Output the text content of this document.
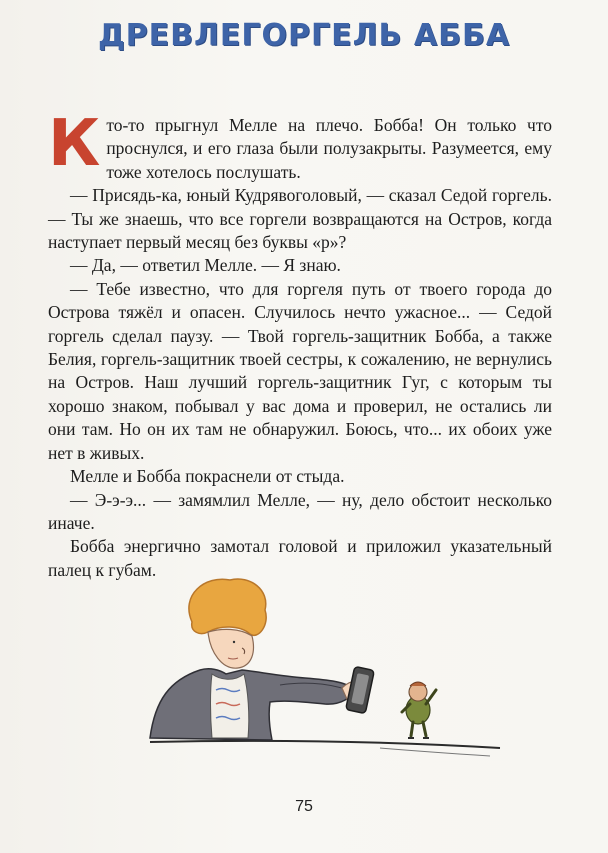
ДРЕВЛЕГОРГЕЛЬ АББА

Кто-то прыгнул Мелле на плечо. Бобба! Он только что проснулся, и его глаза были полузакрыты. Разумеется, ему тоже хотелось послушать.

— Присядь-ка, юный Кудрявоголовый, — сказал Седой горгель. — Ты же знаешь, что все горгели возвращаются на Остров, когда наступает первый месяц без буквы «р»?

— Да, — ответил Мелле. — Я знаю.

— Тебе известно, что для горгеля путь от твоего города до Острова тяжёл и опасен. Случилось нечто ужасное... — Седой горгель сделал паузу. — Твой горгель-защитник Бобба, а также Белия, горгель-защитник твоей сестры, к сожалению, не вернулись на Остров. Наш лучший горгель-защитник Гуг, с которым ты хорошо знаком, побывал у вас дома и проверил, не остались ли они там. Но он их там не обнаружил. Боюсь, что... их обоих уже нет в живых.

Мелле и Бобба покраснели от стыда.

— Э-э-э... — замямлил Мелле, — ну, дело обстоит несколько иначе.

Бобба энергично замотал головой и приложил указательный палец к губам.

75
